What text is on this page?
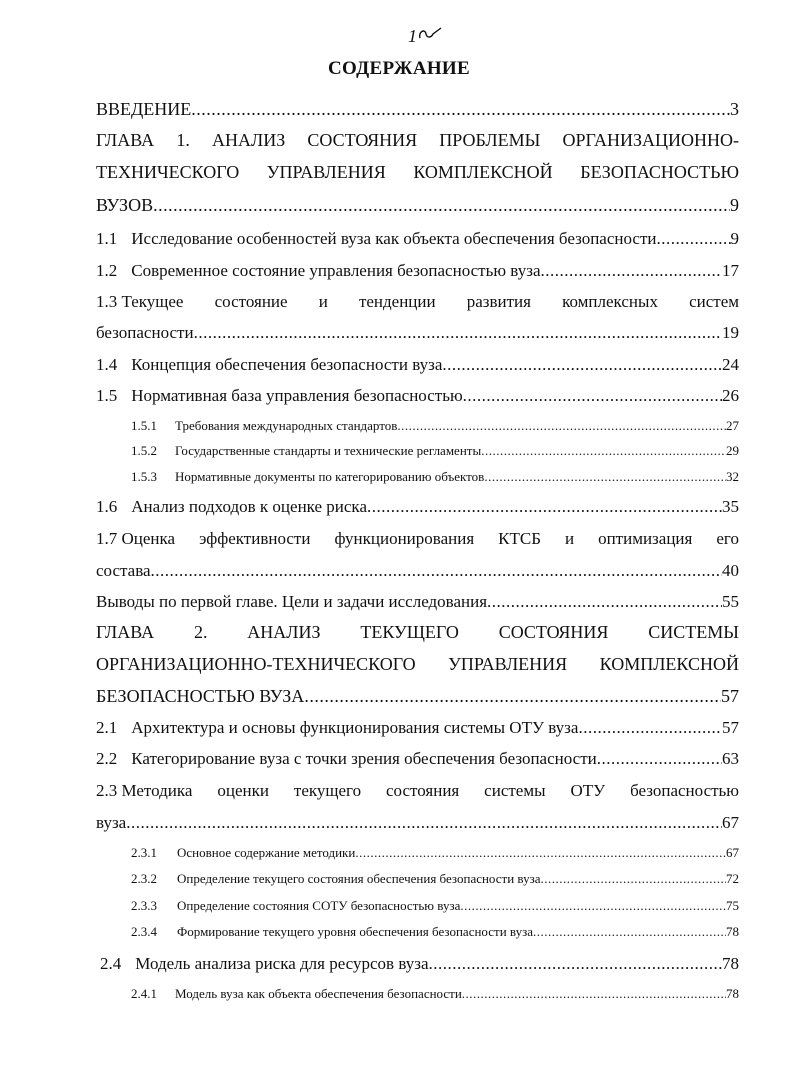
1
СОДЕРЖАНИЕ
ВВЕДЕНИЕ .....	3
ГЛАВА 1. АНАЛИЗ СОСТОЯНИЯ ПРОБЛЕМЫ ОРГАНИЗАЦИОННО-
ТЕХНИЧЕСКОГО УПРАВЛЕНИЯ КОМПЛЕКСНОЙ БЕЗОПАСНОСТЬЮ
ВУЗОВ .....	9
1.1 Исследование особенностей вуза как объекта обеспечения безопасности .....	9
1.2 Современное состояние управления безопасностью вуза .....	17
1.3 Текущее состояние и тенденции развития комплексных систем
безопасности .....	19
1.4 Концепция обеспечения безопасности вуза .....	24
1.5 Нормативная база управления безопасностью .....	26
1.5.1 Требования международных стандартов .....	27
1.5.2 Государственные стандарты и технические регламенты .....	29
1.5.3 Нормативные документы по категорированию объектов .....	32
1.6 Анализ подходов к оценке риска .....	35
1.7 Оценка эффективности функционирования КТСБ и оптимизация его
состава .....	40
Выводы по первой главе. Цели и задачи исследования .....	55
ГЛАВА 2. АНАЛИЗ ТЕКУЩЕГО СОСТОЯНИЯ СИСТЕМЫ
ОРГАНИЗАЦИОННО-ТЕХНИЧЕСКОГО УПРАВЛЕНИЯ КОМПЛЕКСНОЙ
БЕЗОПАСНОСТЬЮ ВУЗА .....	57
2.1 Архитектура и основы функционирования системы ОТУ вуза .....	57
2.2 Категорирование вуза с точки зрения обеспечения безопасности .....	63
2.3 Методика оценки текущего состояния системы ОТУ безопасностью
вуза .....	67
2.3.1 Основное содержание методики .....	67
2.3.2 Определение текущего состояния обеспечения безопасности вуза .....	72
2.3.3 Определение состояния СОТУ безопасностью вуза .....	75
2.3.4 Формирование текущего уровня обеспечения безопасности вуза .....	78
2.4 Модель анализа риска для ресурсов вуза .....	78
2.4.1 Модель вуза как объекта обеспечения безопасности .....	78
